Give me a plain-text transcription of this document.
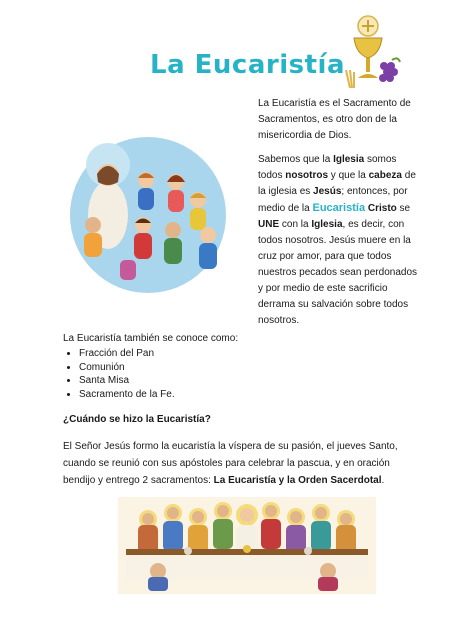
La Eucaristía

La Eucaristía es el Sacramento de Sacramentos, es otro don de la misericordia de Dios.

Sabemos que la Iglesia somos todos nosotros y que la cabeza de la iglesia es Jesús; entonces, por medio de la Eucaristía Cristo se UNE con la Iglesia, es decir, con todos nosotros. Jesús muere en la cruz por amor, para que todos nuestros pecados sean perdonados y por medio de este sacrificio derrama su salvación sobre todos nosotros.

La Eucaristía también se conoce como:
• Fracción del Pan
• Comunión
• Santa Misa
• Sacramento de la Fe.
¿Cuándo se hizo la Eucaristía?
El Señor Jesús formo la eucaristía la víspera de su pasión, el jueves Santo, cuando se reunió con sus apóstoles para celebrar la pascua, y en oración bendijo y entrego 2 sacramentos: La Eucaristía y la Orden Sacerdotal.
